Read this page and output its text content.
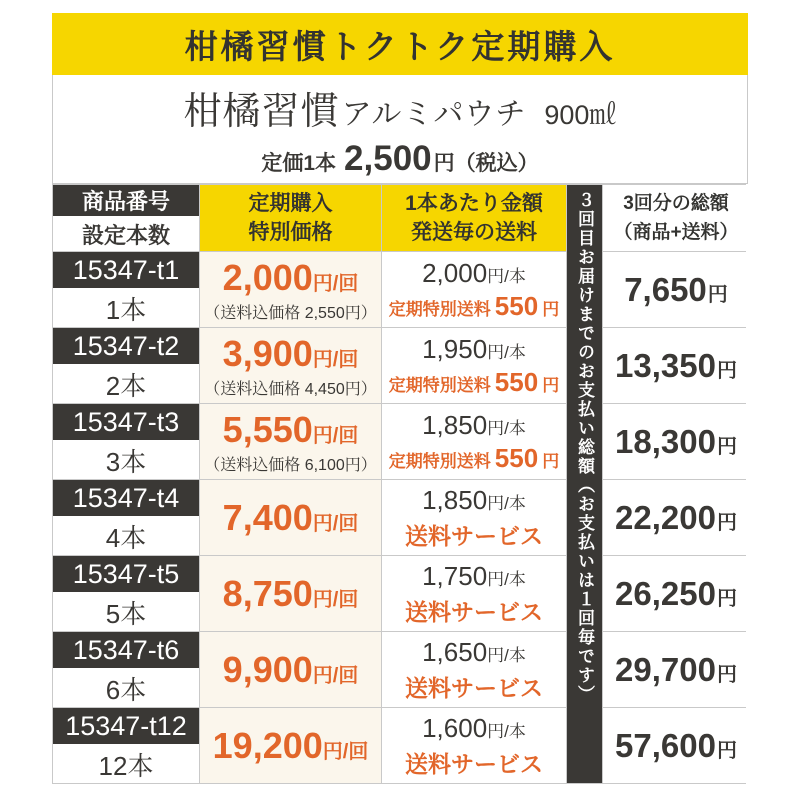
柑橘習慣トクトク定期購入
柑橘習慣 アルミパウチ 900㎖
定価1本 2,500 円（税込）
商品番号
設定本数
定期購入
特別価格
1本あたり金額
発送毎の送料	３回目お届けまでのお支払い総額（お支払いは１回毎です）	3回分の総額
（商品+送料）
15347-t1
1本
2,000 円/回
（送料込価格 2,550円）
2,000 円/本
定期特別送料 550 円
7,650 円
15347-t2
2本
3,900 円/回
（送料込価格 4,450円）
1,950 円/本
定期特別送料 550 円
13,350 円
15347-t3
3本
5,550 円/回
（送料込価格 6,100円）
1,850 円/本
定期特別送料 550 円
18,300 円
15347-t4
4本
7,400 円/回
1,850 円/本
送料サービス 22,200 円
15347-t5
5本
8,750 円/回
1,750 円/本
送料サービス 26,250 円
15347-t6
6本
9,900 円/回
1,650 円/本
送料サービス 29,700 円
15347-t12
12本
19,200 円/回
1,600 円/本
送料サービス 57,600 円
